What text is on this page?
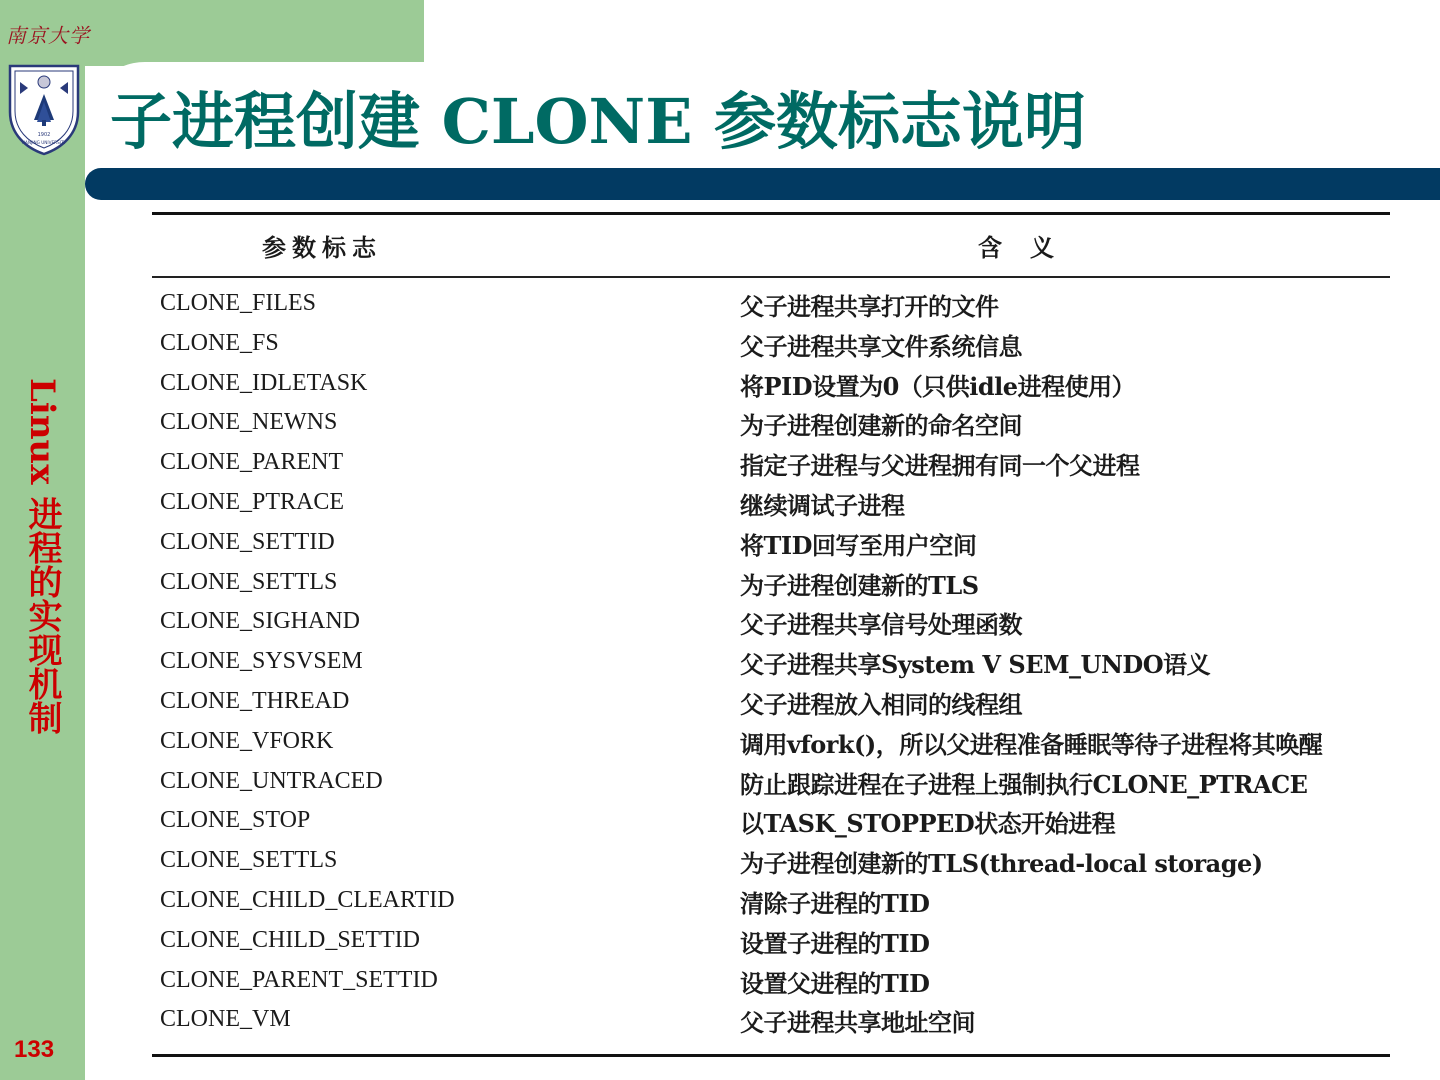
南京大学
1902
NANJING UNIVERSITY 子进程创建 CLONE 参数标志说明
Linux 进程的实现机制
133
参数标志	含义
CLONE_FILES	父子进程共享打开的文件
CLONE_FS	父子进程共享文件系统信息
CLONE_IDLETASK	将PID设置为0（只供idle进程使用）
CLONE_NEWNS	为子进程创建新的命名空间
CLONE_PARENT	指定子进程与父进程拥有同一个父进程
CLONE_PTRACE	继续调试子进程
CLONE_SETTID	将TID回写至用户空间
CLONE_SETTLS	为子进程创建新的TLS
CLONE_SIGHAND	父子进程共享信号处理函数
CLONE_SYSVSEM	父子进程共享System V SEM_UNDO语义
CLONE_THREAD	父子进程放入相同的线程组
CLONE_VFORK	调用vfork()，所以父进程准备睡眠等待子进程将其唤醒
CLONE_UNTRACED	防止跟踪进程在子进程上强制执行CLONE_PTRACE
CLONE_STOP	以TASK_STOPPED状态开始进程
CLONE_SETTLS	为子进程创建新的TLS(thread-local storage)
CLONE_CHILD_CLEARTID	清除子进程的TID
CLONE_CHILD_SETTID	设置子进程的TID
CLONE_PARENT_SETTID	设置父进程的TID
CLONE_VM	父子进程共享地址空间
